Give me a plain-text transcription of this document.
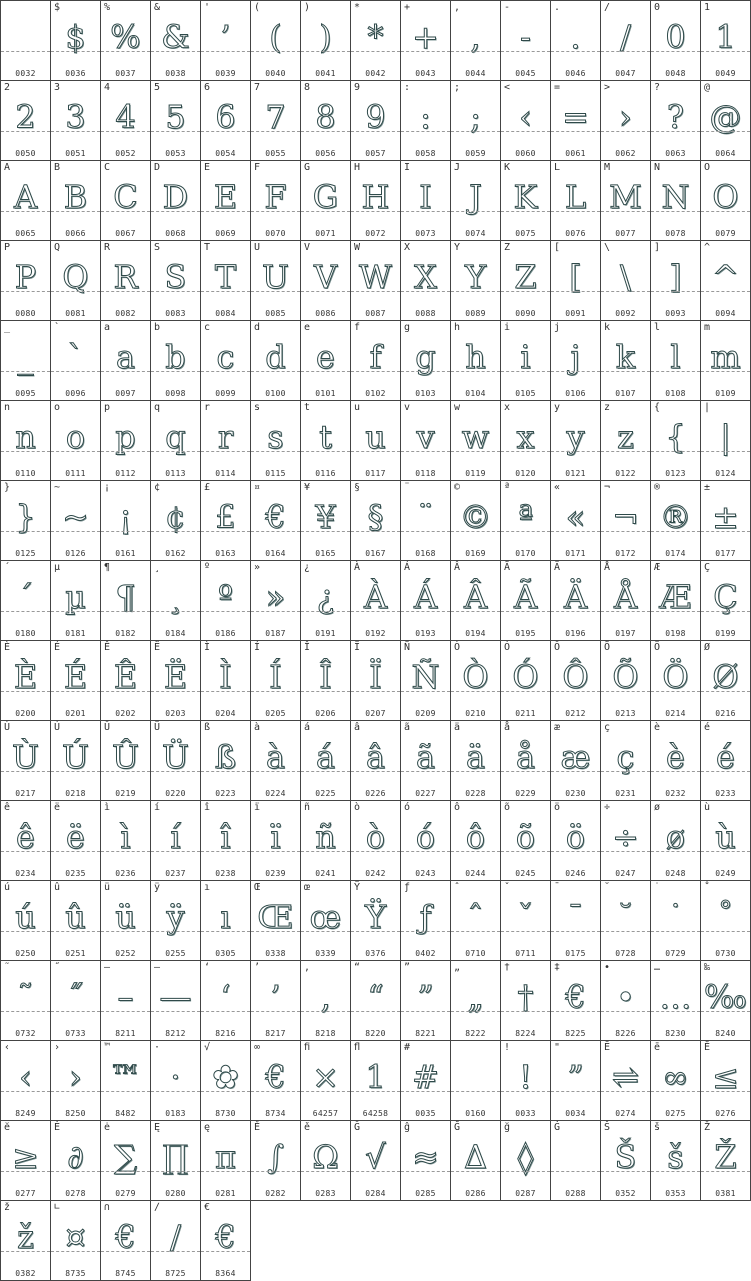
0032
$
$
0036
%
%
0037
&
&
0038
'
’
0039
(
(
0040
)
)
0041
*
*
0042
+
+
0043
,
,
0044
-
-
0045
.
.
0046
/
/
0047
0
0
0048
1
1
0049
2
2
0050
3
3
0051
4
4
0052
5
5
0053
6
6
0054
7
7
0055
8
8
0056
9
9
0057
:
:
0058
;
;
0059
<
‹
0060
=
=
0061
>
›
0062
?
?
0063
@
@
0064
A
A
0065
B
B
0066
C
C
0067
D
D
0068
E
E
0069
F
F
0070
G
G
0071
H
H
0072
I
I
0073
J
J
0074
K
K
0075
L
L
0076
M
M
0077
N
N
0078
O
O
0079
P
P
0080
Q
Q
0081
R
R
0082
S
S
0083
T
T
0084
U
U
0085
V
V
0086
W
W
0087
X
X
0088
Y
Y
0089
Z
Z
0090
[
[
0091
\
\
0092
]
]
0093
^
^
0094
_
_
0095
`
`
0096
a
a
0097
b
b
0098
c
c
0099
d
d
0100
e
e
0101
f
f
0102
g
g
0103
h
h
0104
i
i
0105
j
j
0106
k
k
0107
l
l
0108
m
m
0109
n
n
0110
o
o
0111
p
p
0112
q
q
0113
r
r
0114
s
s
0115
t
t
0116
u
u
0117
v
v
0118
w
w
0119
x
x
0120
y
y
0121
z
z
0122
{
{
0123
|
|
0124
}
}
0125
~
~
0126
¡
¡
0161
¢
¢
0162
£
£
0163
¤
€
0164
¥
¥
0165
§
§
0167
¨
¨
0168
©
©
0169
ª
ª
0170
«
«
0171
¬
¬
0172
®
®
0174
±
±
0177
´
´
0180
µ
µ
0181
¶
¶
0182
¸
¸
0184
º
º
0186
»
»
0187
¿
¿
0191
À
À
0192
Á
Á
0193
Â
Â
0194
Ã
Ã
0195
Ä
Ä
0196
Å
Å
0197
Æ
Æ
0198
Ç
Ç
0199
È
È
0200
É
É
0201
Ê
Ê
0202
Ë
Ë
0203
Ì
Ì
0204
Í
Í
0205
Î
Î
0206
Ï
Ï
0207
Ñ
Ñ
0209
Ò
Ò
0210
Ó
Ó
0211
Ô
Ô
0212
Õ
Õ
0213
Ö
Ö
0214
Ø
Ø
0216
Ù
Ù
0217
Ú
Ú
0218
Û
Û
0219
Ü
Ü
0220
ß
ß
0223
à
à
0224
á
á
0225
â
â
0226
ã
ã
0227
ä
ä
0228
å
å
0229
æ
æ
0230
ç
ç
0231
è
è
0232
é
é
0233
ê
ê
0234
ë
ë
0235
ì
ì
0236
í
í
0237
î
î
0238
ï
ï
0239
ñ
ñ
0241
ò
ò
0242
ó
ó
0243
ô
ô
0244
õ
õ
0245
ö
ö
0246
÷
÷
0247
ø
ø
0248
ù
ù
0249
ú
ú
0250
û
û
0251
ü
ü
0252
ÿ
ÿ
0255
ı
ı
0305
Œ
Œ
0338
œ
œ
0339
Ÿ
Ÿ
0376
ƒ
ƒ
0402
ˆ
ˆ
0710
ˇ
ˇ
0711
¯
¯
0175
˘
˘
0728
˙
˙
0729
˚
˚
0730
˜
˜
0732
˝
˝
0733
–
–
8211
—
—
8212
‘
‘
8216
’
’
8217
‚
‚
8218
“
“
8220
”
”
8221
„
„
8222
†
†
8224
‡
€
8225
•
•
8226
…
…
8230
‰
‰
8240
‹
‹
8249
›
›
8250
™
™
8482
·
·
0183
√
✿
8730
∞
€
8734
ﬁ
×
64257
ﬂ
1
64258
#
#
0035	0160
!
!
0033
"
”
0034
Ē
⇌
0274
ē
∞
0275
Ĕ
≤
0276
ĕ
≥
0277
Ė
∂
0278
ė
∑
0279
Ę
∏
0280
ę
π
0281
Ě
∫
0282
ě
Ω
0283
Ĝ
√
0284
ĝ
≈
0285
Ğ
∆
0286
ğ
◊
0287
Ġ
0288
Š
Š
0352
š
š
0353
Ž
Ž
0381
ž
ž
0382
∟
¤
8735
∩
€
8745
∕
/
8725
€
€
8364
